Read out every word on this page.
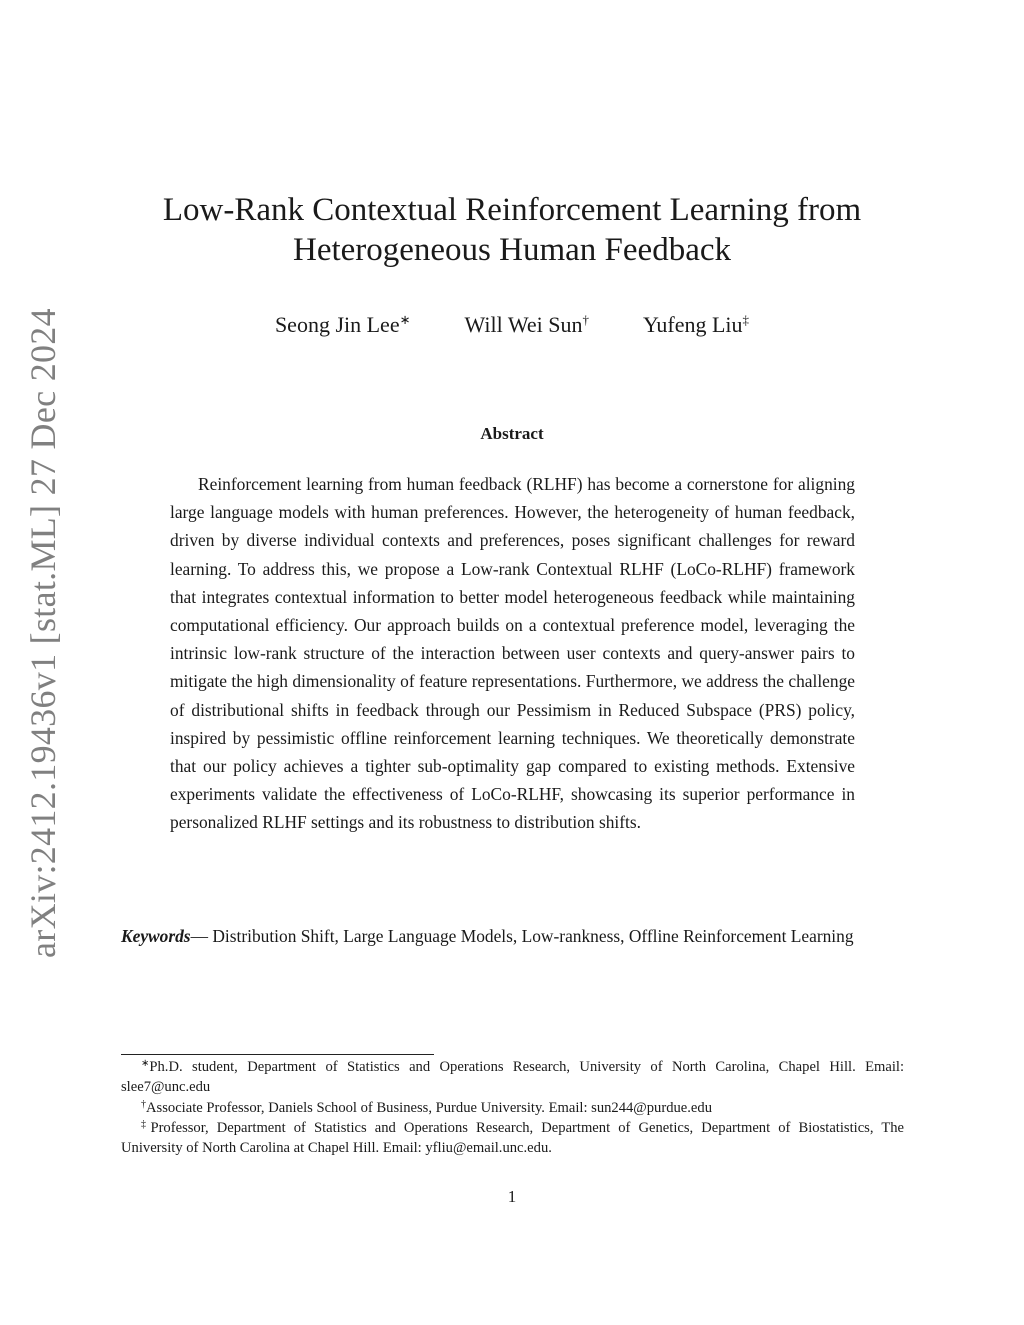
arXiv:2412.19436v1 [stat.ML] 27 Dec 2024
Low-Rank Contextual Reinforcement Learning from
Heterogeneous Human Feedback
Seong Jin Lee∗ Will Wei Sun† Yufeng Liu‡
Abstract

Reinforcement learning from human feedback (RLHF) has become a cornerstone for aligning large language models with human preferences. However, the heterogeneity of human feedback, driven by diverse individual contexts and preferences, poses significant challenges for reward learning. To address this, we propose a Low-rank Contextual RLHF (LoCo-RLHF) framework that integrates contextual information to better model heterogeneous feedback while maintaining computational efficiency. Our approach builds on a contextual preference model, leveraging the intrinsic low-rank structure of the interaction between user contexts and query-answer pairs to mitigate the high dimensionality of feature representations. Furthermore, we address the challenge of distributional shifts in feedback through our Pessimism in Reduced Subspace (PRS) policy, inspired by pessimistic offline reinforcement learning techniques. We theoretically demonstrate that our policy achieves a tighter sub-optimality gap compared to existing methods. Extensive experiments validate the effectiveness of LoCo-RLHF, showcasing its superior performance in personalized RLHF settings and its robustness to distribution shifts.

Keywords— Distribution Shift, Large Language Models, Low-rankness, Offline Reinforcement Learning

∗Ph.D. student, Department of Statistics and Operations Research, University of North Carolina, Chapel Hill. Email: slee7@unc.edu

†Associate Professor, Daniels School of Business, Purdue University. Email: sun244@purdue.edu

‡Professor, Department of Statistics and Operations Research, Department of Genetics, Department of Biostatistics, The University of North Carolina at Chapel Hill. Email: yfliu@email.unc.edu.

1
